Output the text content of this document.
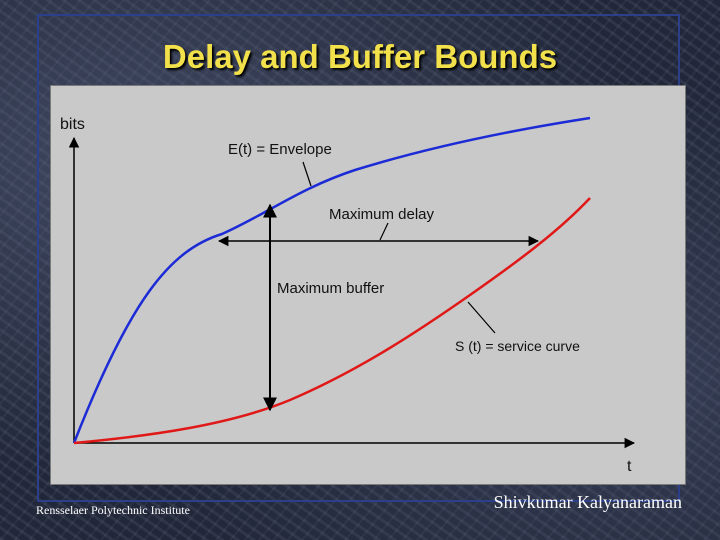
Delay and Buffer Bounds
bits
t
E(t) = Envelope
Maximum delay
Maximum buffer
S (t) = service curve
Rensselaer Polytechnic Institute	Shivkumar Kalyanaraman
